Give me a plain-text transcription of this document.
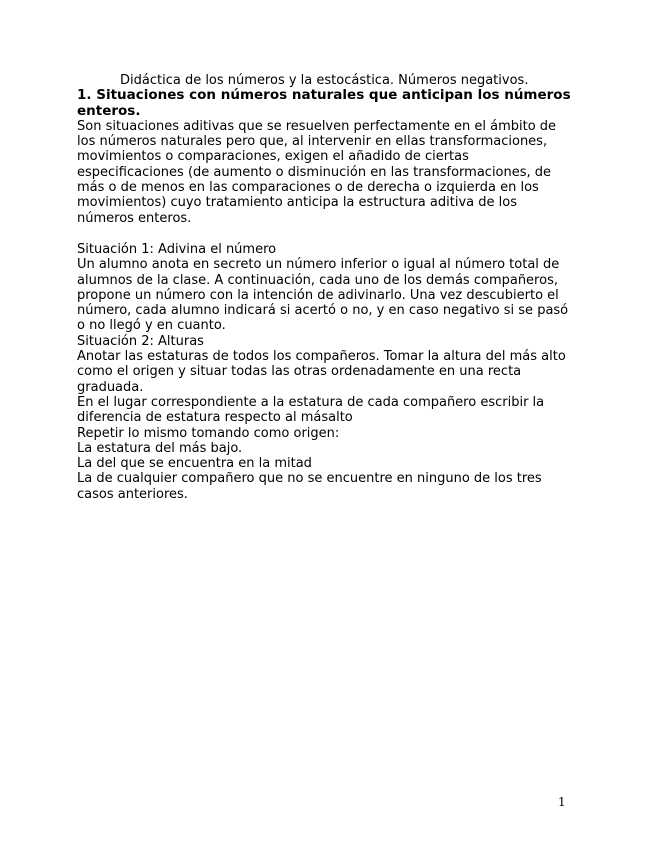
Didáctica de los números y la estocástica. Números negativos.
1. Situaciones con números naturales que anticipan los números enteros.

Son situaciones aditivas que se resuelven perfectamente en el ámbito de los números naturales pero que, al intervenir en ellas transformaciones, movimientos o comparaciones, exigen el añadido de ciertas especificaciones (de aumento o disminución en las transformaciones, de más o de menos en las comparaciones o de derecha o izquierda en los movimientos) cuyo tratamiento anticipa la estructura aditiva de los números enteros.

Situación 1: Adivina el número

Un alumno anota en secreto un número inferior o igual al número total de alumnos de la clase. A continuación, cada uno de los demás compañeros, propone un número con la intención de adivinarlo. Una vez descubierto el número, cada alumno indicará si acertó o no, y en caso negativo si se pasó o no llegó y en cuanto.

Situación 2: Alturas

Anotar las estaturas de todos los compañeros. Tomar la altura del más alto como el origen y situar todas las otras ordenadamente en una recta graduada.

En el lugar correspondiente a la estatura de cada compañero escribir la diferencia de estatura respecto al másalto

Repetir lo mismo tomando como origen:

La estatura del más bajo.

La del que se encuentra en la mitad

La de cualquier compañero que no se encuentre en ninguno de los tres casos anteriores.

1
